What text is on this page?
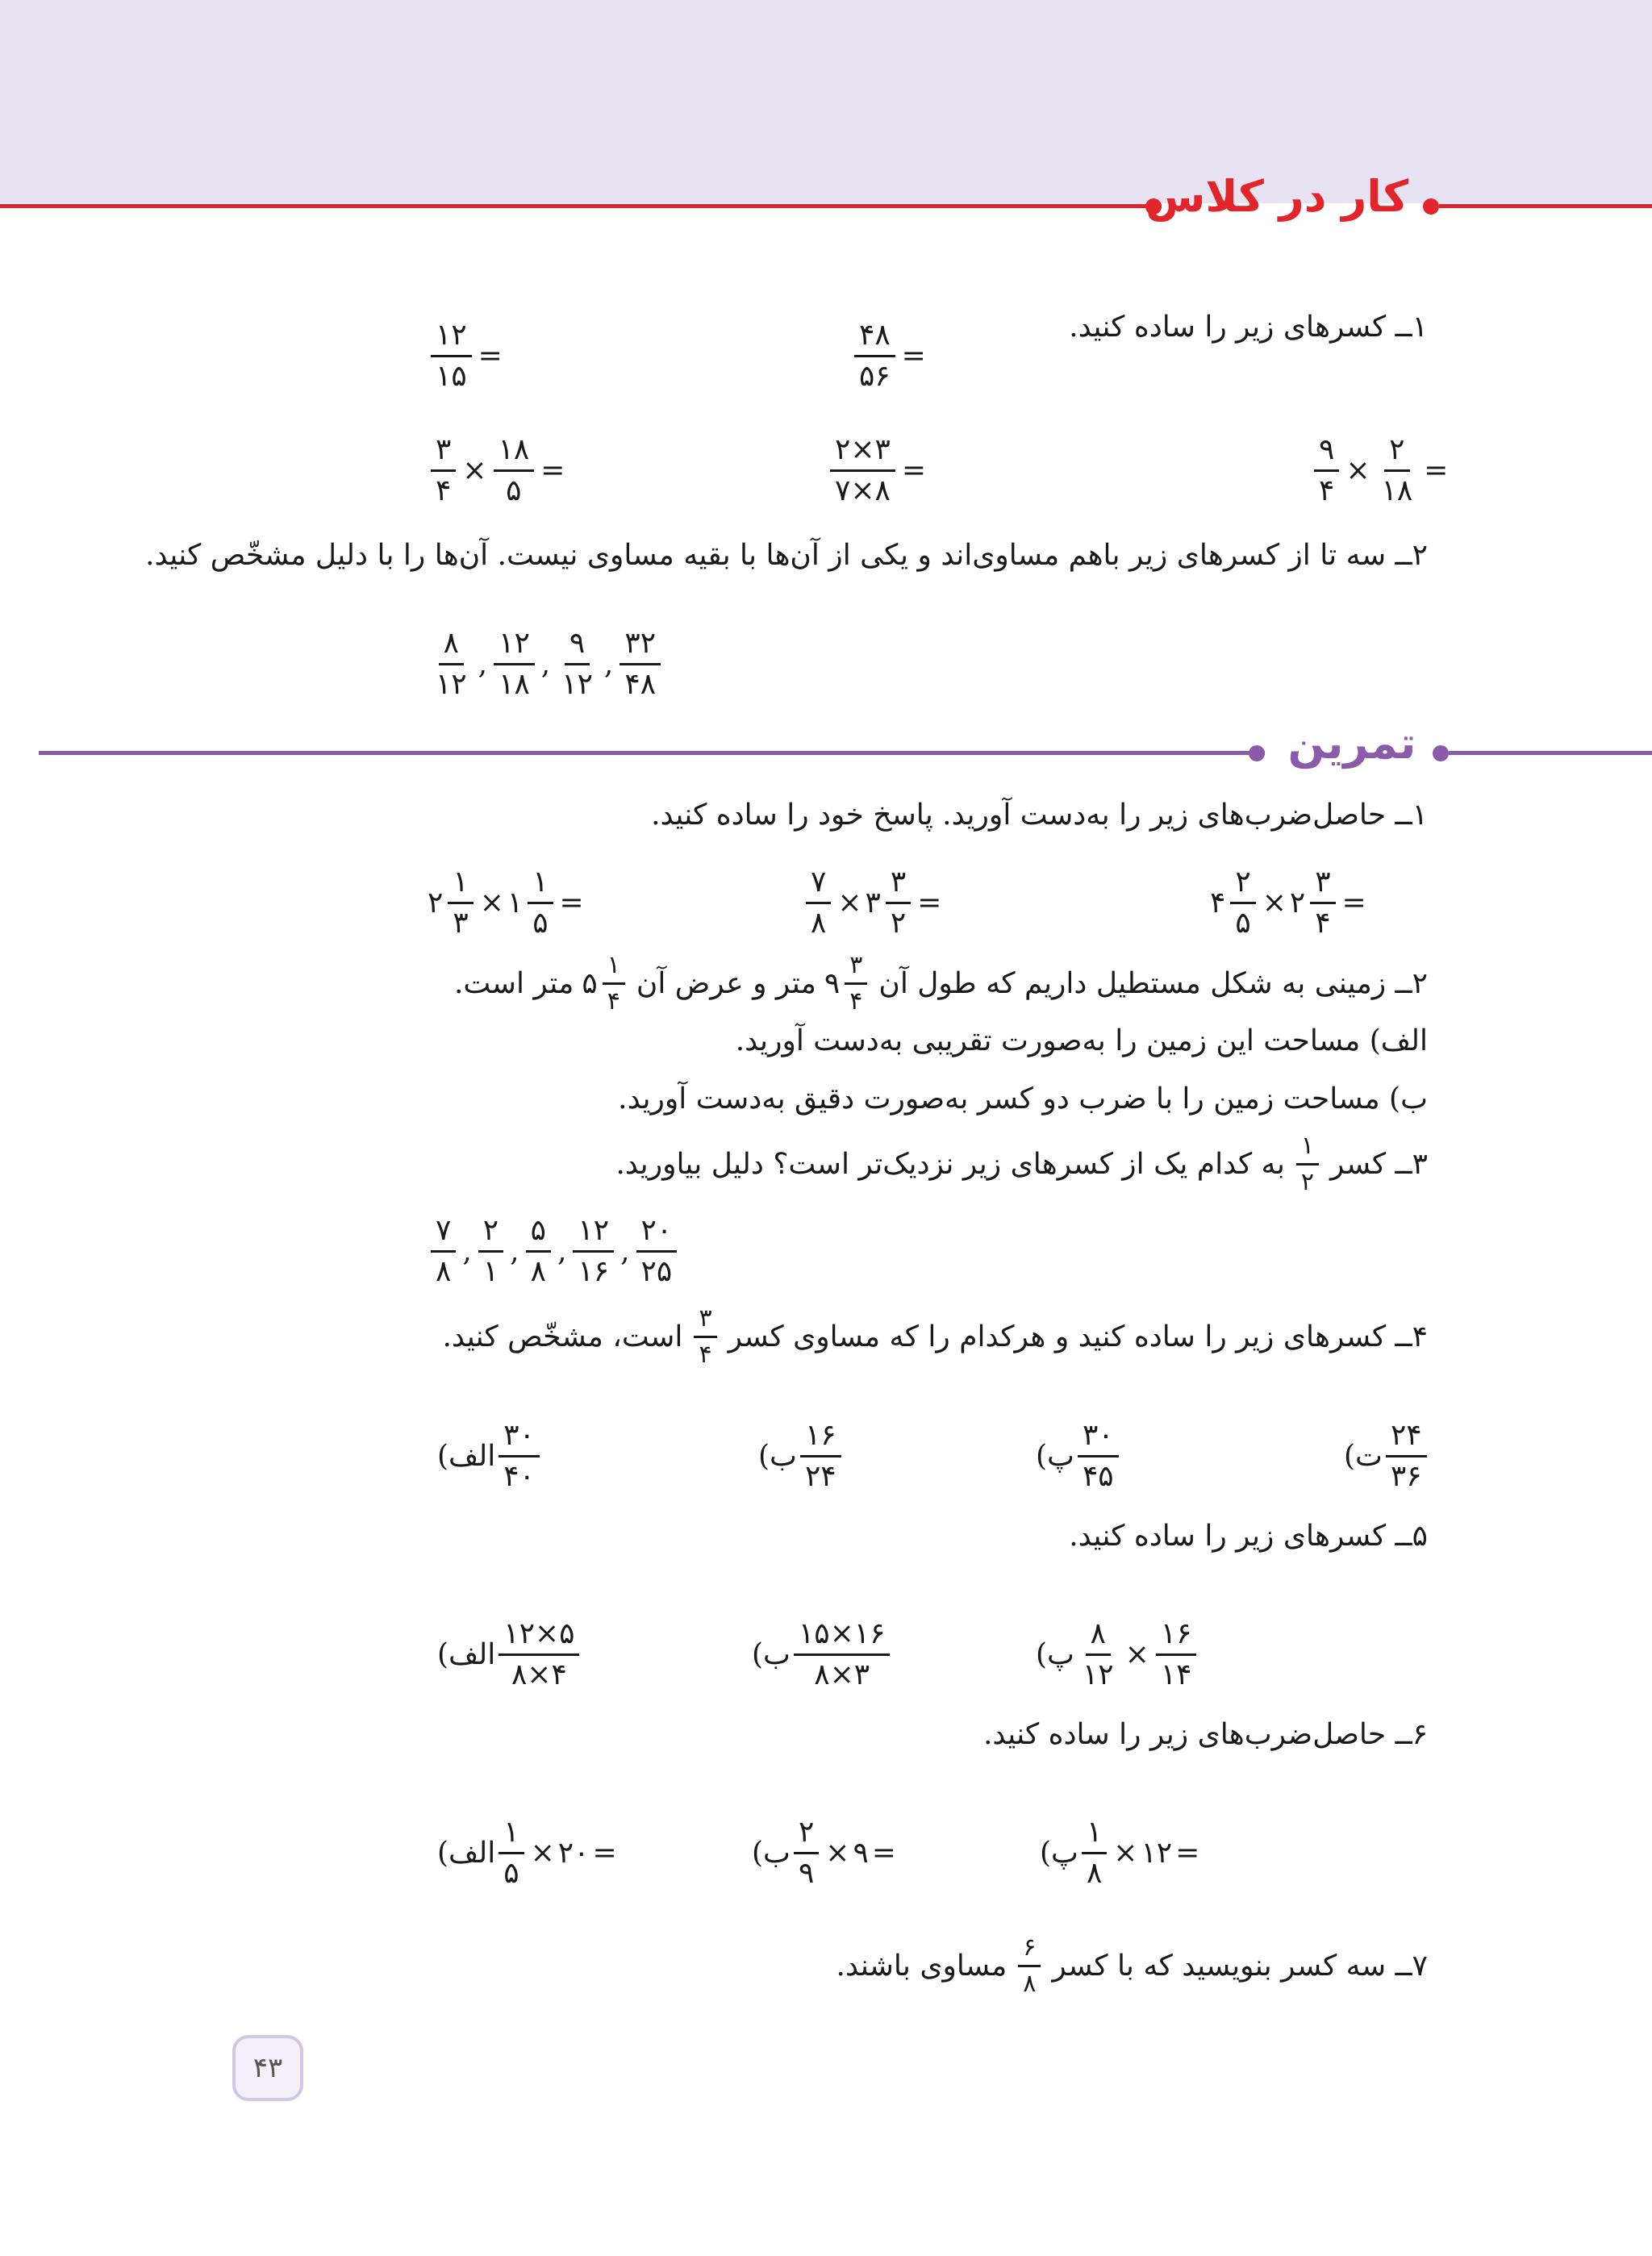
کار در کلاس
۱ــ کسرهای زیر را ساده کنید.
۱۲
۱۵
=
۴۸
۵۶
=
۳
۴
×
۱۸
۵
=
۲×۳
۷×۸
=
۹
۴
×
۲
۱۸
=
۲ــ سه تا از کسرهای زیر باهم مساوی‌اند و یکی از آن‌ها با بقیه مساوی نیست. آن‌ها را با دلیل مشخّص کنید.
۸
۱۲
,
۱۲
۱۸
,
۹
۱۲
,
۳۲
۴۸
تمرین
۱ــ حاصل‌ضرب‌های زیر را به‌دست آورید. پاسخ خود را ساده کنید.
۲
۱
۳
× ۱
۱
۵
=
۷
۸
× ۳
۳
۲
=	۴
۲
۵
× ۲
۳
۴
=
۲ــ زمینی به شکل مستطیل داریم که طول آن
۹
۳
۴
متر و عرض آن
۵
۱
۴
متر است.
الف) مساحت این زمین را به‌صورت تقریبی به‌دست آورید.
ب) مساحت زمین را با ضرب دو کسر به‌صورت دقیق به‌دست آورید.
۳ــ کسر
۱
۲
به کدام یک از کسرهای زیر نزدیک‌تر است؟ دلیل بیاورید.
۷
۸
,
۲
۱
,
۵
۸
,
۱۲
۱۶
,
۲۰
۲۵
۴ــ کسرهای زیر را ساده کنید و هرکدام را که مساوی کسر
۳
۴
است، مشخّص کنید.
الف)
۳۰
۴۰
ب)
۱۶
۲۴
پ)
۳۰
۴۵
ت)
۲۴
۳۶
۵ــ کسرهای زیر را ساده کنید.
الف)
۱۲×۵
۸×۴
ب)
۱۵×۱۶
۸×۳
پ)
۸
۱۲
×
۱۶
۱۴
۶ــ حاصل‌ضرب‌های زیر را ساده کنید.
الف)
۱
۵
× ۲۰ =	ب)
۲
۹
× ۹ =	پ)
۱
۸
× ۱۲ =
۷ــ سه کسر بنویسید که با کسر
۶
۸
مساوی باشند.
۴۳
